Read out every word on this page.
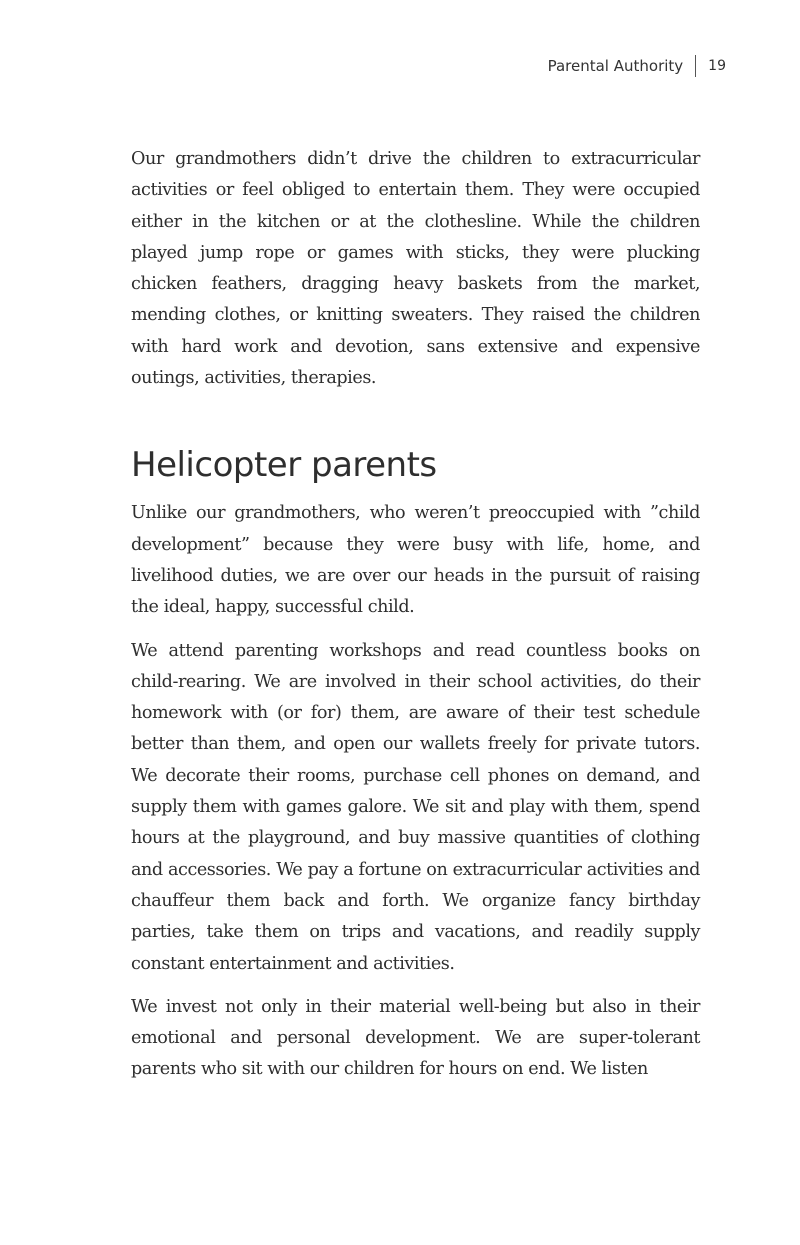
Parental Authority 19

Our grandmothers didn’t drive the children to extracurricular activities or feel obliged to entertain them. They were occupied either in the kitchen or at the clothesline. While the children played jump rope or games with sticks, they were plucking chicken feathers, dragging heavy baskets from the market, mending clothes, or knitting sweaters. They raised the children with hard work and devotion, sans extensive and expensive outings, activities, therapies.

Helicopter parents

Unlike our grandmothers, who weren’t preoccupied with ”child development” because they were busy with life, home, and livelihood duties, we are over our heads in the pursuit of raising the ideal, happy, successful child.

We attend parenting workshops and read countless books on child-rearing. We are involved in their school activities, do their homework with (or for) them, are aware of their test schedule better than them, and open our wallets freely for private tutors. We decorate their rooms, purchase cell phones on demand, and supply them with games galore. We sit and play with them, spend hours at the playground, and buy massive quantities of clothing and accessories. We pay a fortune on extracurricular activities and chauffeur them back and forth. We organize fancy birthday parties, take them on trips and vacations, and readily supply constant entertainment and activities.

We invest not only in their material well-being but also in their emotional and personal development. We are super-tolerant parents who sit with our children for hours on end. We listen
